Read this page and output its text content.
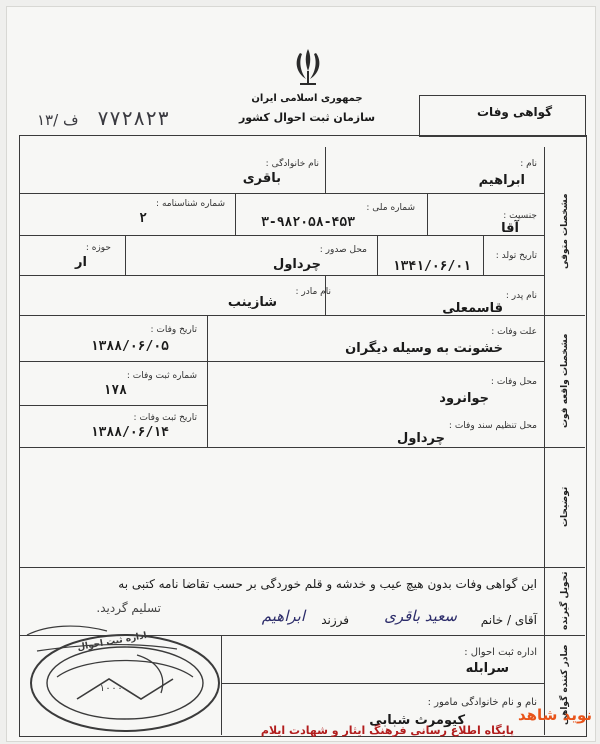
جمهوری اسلامی ایران
سازمان ثبت احوال کشور
۱۳/ ف ۷۷۲۸۲۳	گواهی وفات
مشخصات متوفی
مشخصات واقعه فوت
توضیحات
تحویل گیرنده
صادر کننده گواهی
نام :
ابراهیم
نام خانوادگی :
باقری
جنسیت :
آقا
شماره ملی :
۳-۹۸۲۰۵۸-۴۵۳
شماره شناسنامه :
۲
تاریخ تولد :
۱۳۴۱/۰۶/۰۱
محل صدور :
چرداول
حوزه :
ار
نام پدر :
قاسمعلی
نام مادر :
شازینب
علت وفات :
خشونت به وسیله دیگران
تاریخ وفات :
۱۳۸۸/۰۶/۰۵
محل وفات :
جوانرود
شماره ثبت وفات :
۱۷۸
محل تنظیم سند وفات :
چرداول
تاریخ ثبت وفات :
۱۳۸۸/۰۶/۱۴
این گواهی وفات بدون هیچ عیب و خدشه و قلم خوردگی بر حسب تقاضا نامه کتبی به
آقای / خانم
سعید باقری
فرزند
ابراهیم
تسلیم گردید.
اداره ثبت احوال :
سرابله
نام و نام خانوادگی مامور :
کیومرث شبابی
اداره ثبت احوال
۱۰۰۰
نوید شاهد
پایگاه اطلاع رسانی فرهنگ ایثار و شهادت ایلام
